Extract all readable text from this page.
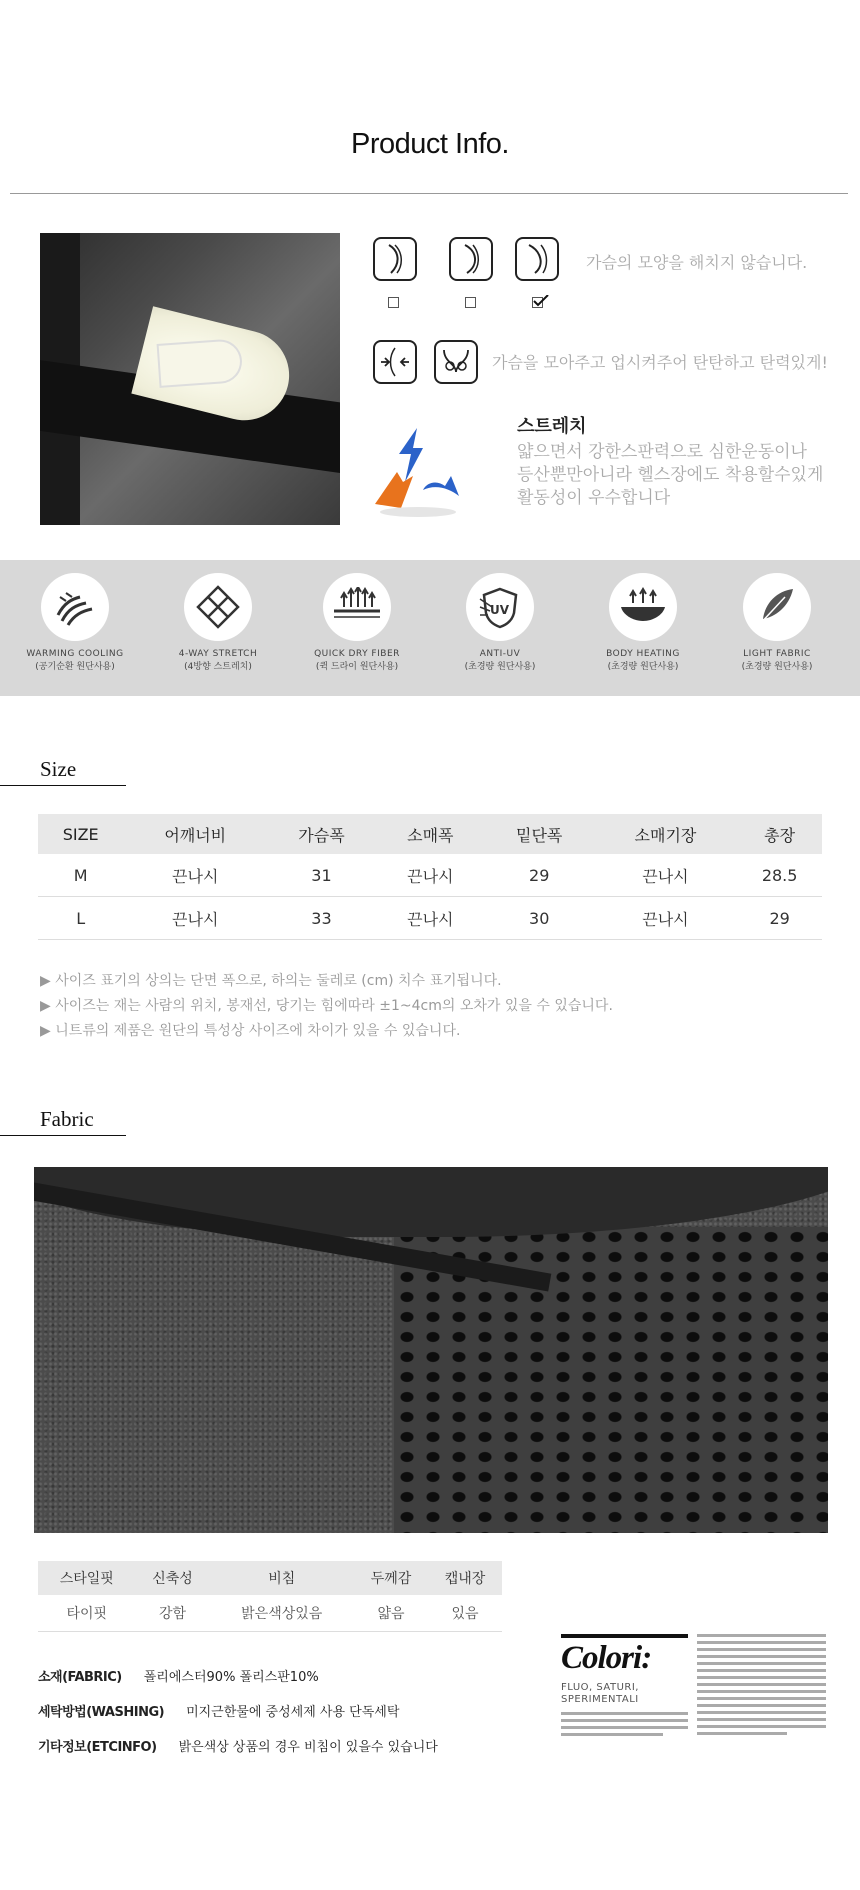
Product Info.
가슴의 모양을 해치지 않습니다.
가슴을 모아주고 업시켜주어 탄탄하고 탄력있게!
스트레치
얇으면서 강한스판력으로 심한운동이나
등산뿐만아니라 헬스장에도 착용할수있게
활동성이 우수합니다
WARMING COOLING
(공기순환 원단사용)
4-WAY STRETCH
(4방향 스트레치)
QUICK DRY FIBER
(퀵 드라이 원단사용)
UV
ANTI-UV
(초경량 원단사용)
BODY HEATING
(초경량 원단사용)
LIGHT FABRIC
(초경량 원단사용)
Size
SIZE	어깨너비	가슴폭	소매폭	밑단폭	소매기장	총장
M	끈나시	31	끈나시	29	끈나시	28.5
L	끈나시	33	끈나시	30	끈나시	29
▶ 사이즈 표기의 상의는 단면 폭으로, 하의는 둘레로 (cm) 치수 표기됩니다.
▶ 사이즈는 재는 사람의 위치, 봉재선, 당기는 힘에따라 ±1~4cm의 오차가 있을 수 있습니다.
▶ 니트류의 제품은 원단의 특성상 사이즈에 차이가 있을 수 있습니다.
Fabric
스타일핏	신축성	비침	두께감	캡내장
타이핏	강함	밝은색상있음	얇음	있음
소재(FABRIC) 폴리에스터90% 폴리스판10%
세탁방법(WASHING) 미지근한물에 중성세제 사용 단독세탁
기타정보(ETCINFO) 밝은색상 상품의 경우 비침이 있을수 있습니다
Colori:
FLUO, SATURI,
SPERIMENTALI
